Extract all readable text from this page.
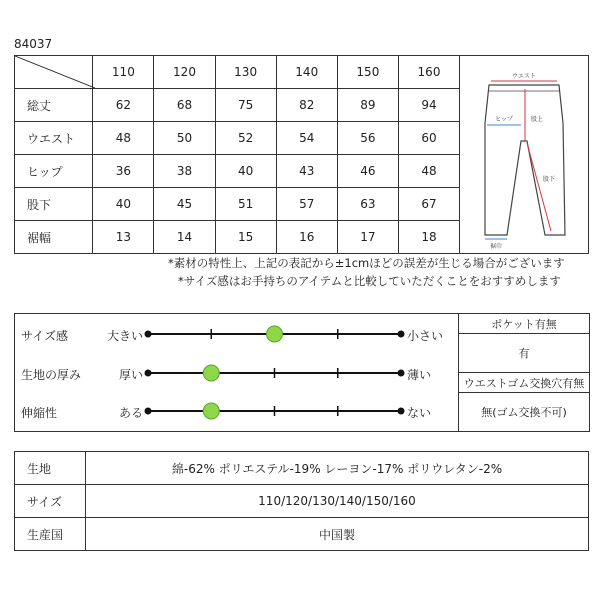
84037
	110	120	130	140	150	160	ウエスト
ヒップ 股上
股下
裾巾

総丈	62	68	75	82	89	94	
ウエスト	48	50	52	54	56	60	
ヒップ	36	38	40	43	46	48	
股下	40	45	51	57	63	67	
裾幅	13	14	15	16	17	18	
*素材の特性上、上記の表記から±1cmほどの誤差が生じる場合がございます
*サイズ感はお手持ちのアイテムと比較していただくことをおすすめします
サイズ感	大きい	小さい
生地の厚み	厚い	薄い
伸縮性	ある	ない
ポケット有無
有
ウエストゴム交換穴有無
無(ゴム交換不可)
生地	綿-62% ポリエステル-19% レーヨン-17% ポリウレタン-2%
サイズ	110/120/130/140/150/160
生産国	中国製
